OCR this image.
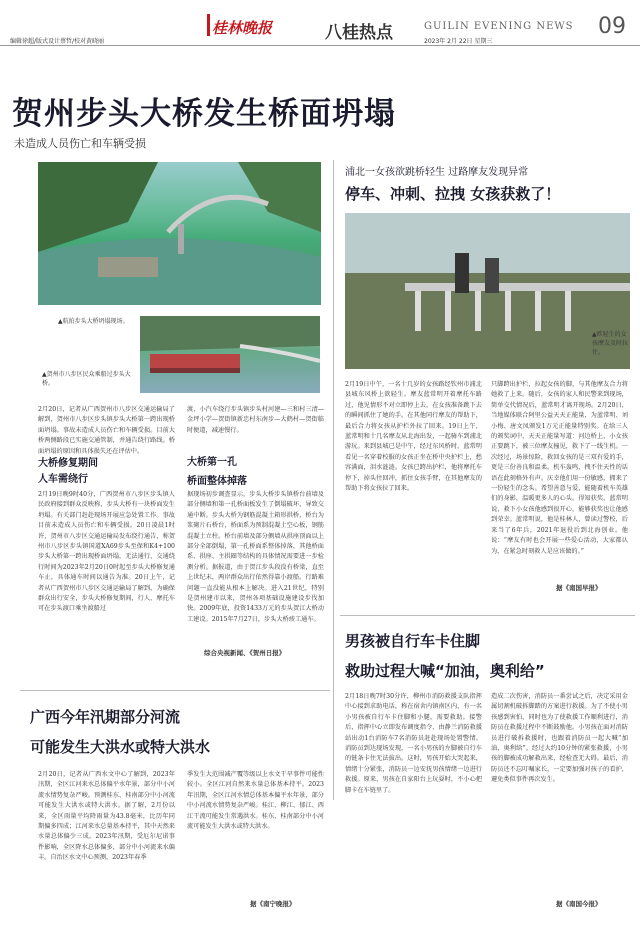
编辑徐超/版式设计蔡哲/校对黄晓丽
桂林晚报	八桂热点	GUILIN EVENING NEWS
2023年 2月 22日 星期三
09
贺州步头大桥发生桥面坍塌
未造成人员伤亡和车辆受损
▲航拍步头大桥坍塌现场。
▲贺州市八步区民众乘船过步头大桥。
2月20日，记者从广西贺州市八步区交通运输局了解到，贺州市八步区步头镇步头大桥第一跨出现桥面坍塌。事故未造成人员伤亡和车辆受损。目前大桥两侧路段已实施交通管制，并通告绕行路线。桥面坍塌的原因和具体损失还在评估中。
大桥修复期间
人车需绕行
2月19日晚9时40分，广西贺州市八步区步头镇人民政府接到群众反映称，步头大桥有一块桥面发生坍塌。有关部门赶赴现场开展应急处置工作。事故目前未造成人员伤亡和车辆受损。20日凌晨1时许，贺州市八步区交通运输局发布绕行通告，称贺州市八步区步头镇国道XA69步头至保和K4+100步头大桥第一跨出现桥面坍塌，无法通行，交通绕行时间为2023年2月20日0时起至步头大桥修复通车止，具体通车时间以通告为准。20日上午，记者从广西贺州市八步区交通运输局了解到，为确保群众出行安全，步头大桥修复期间，行人、摩托车可在步头渡口乘坐渡船过
渡，小汽车绕行步头镇步头村河建—三和村三清—金坪小学—贺街镇新忠村东南步—大鹤村—贺街临时便道，减速慢行。
大桥第一孔
桥面整体掉落
据现场初步调查显示，步头大桥步头镇桥台前墙及部分侧墙和第一孔桥面板发生了倒塌破坏，导致交通中断。步头大桥为钢筋混凝土箱形拱桥，桥台为浆砌片石桥台，桥面系为预制混凝土空心板，钢筋混凝土立柱。桥台前墙及部分侧墙从拱座顶面以上部分全部倒塌，第一孔桥面系整体掉落，其他桥面系、拱座、主拱圈等结构的具体情况需要进一步检测分析。据报道，由于贺江步头段没有桥梁，直至上世纪末，两岸群众出行依然得靠小渡船。行路难问题一直没能从根本上解决。进入21世纪，特别是贺州建市以来，贺州各项基础设施建设步伐加快。2009年底，投资1433万元的步头贺江大桥动工建设。2015年7月27日，步头大桥竣工通车。
综合央视新闻、《贺州日报》
浦北一女孩欲跳桥轻生 过路摩友发现异常
停车、冲刺、拉拽 女孩获救了！
▲欧轻生的女孩摩友及时拉住。
2月19日中午，一名十几岁的女孩路经钦州市浦北县城东风桥上欲轻生。摩友蓝常明开着摩托车路过，他见情形不对立即停上去，在女孩准备跳下去的瞬间抓住了她的手。在其他同行摩友的帮助下，最后合力将女孩从护栏外拉了回来。19日上午，蓝常明和十几名摩友从北海出发，一起骑车到浦北游玩。来到县城已是中午，经过东风桥时，蓝常明看见一名穿着校服的女孩正坐在桥中央护栏上，愁容满面，泪水涟涟。女孩已跨出护栏，他将摩托车停下，掉头往回冲，抓住女孩手臂，在其他摩友的帮助下将女孩拉了回来。
只脚跨出护栏，拉起女孩的脚，与其他摩友合力将她救了上来。随后，女孩的家人和民警来到现场，简单交代情况后，蓝常明才离开现场。2月20日，当地媒体联合阿里公益天天正能量，为蓝常明、刘小梅、唐文凤颁发1万元正能量特别奖。在给三人的颁奖词中，天天正能量写道：河边桥上，小女孩正要跳下，被三位摩友撞见，救下了一线生机。一次经过，场景惊险，救回女孩的是三双有爱的手，更是三份善良和温柔。机车轰鸣，拽不住天性的话语在此刻格外有声。庆幸他们用一份敏感，拥来了一份轻生的念头。希望善意与爱，能随着机车英雄们的身影，温暖更多人的心头。得知获奖，蓝常明说，救下小女孩他感到很开心，能够获奖也让他感到荣幸。蓝常明说，他是桂林人，曾读过警校，后来当了6年兵，2021年退役后到北海创业。他说：“摩友有时也会开展一些爱心活动，大家都认为，在紧急时刻救人是应该做的。”
据《南国早报》
男孩被自行车卡住脚
救助过程大喊“加油，奥利给”
2月18日晚7时30分许，柳州市消防救援支队指挥中心接到求助电话，称在宿舍内镇南区内，有一名小男孩被自行车卡住脚和小腿，需要救助。接警后，指挥中心立即发布调度指令，由静兰消防救援站出动1台消防车7名消防员赶赴现场处置警情。消防员到达现场发现，一名小男孩的左脚被自行车的链条卡住无法拔出。这时，男孩开始大哭起来，情绪十分紧张，消防员一边安抚男孩情绪一边进行救援。原来，男孩在自家阳台上玩耍时，不小心把脚卡在车链里了。
造成二次伤害，消防员一番尝试之后，决定采用金属切割机破拆脚踏的方案进行救援。为了不使小男孩感到害怕，同时也为了使救援工作顺利进行，消防员在救援过程中不断鼓励他。小男孩在面对消防员进行破拆救援时，也跟着消防员一起大喊“加油，奥利给”。经过大约10分钟的紧张救援，小男孩的脚被成功解救出来，经检查无大碍。最后，消防员还不忘叮嘱家长，一定要加强对孩子的看护，避免类似事件再次发生。
据《南国今报》
广西今年汛期部分河流
可能发生大洪水或特大洪水
2月20日，记者从广西水文中心了解到，2023年汛期，全区江河来水总体偏平水年景，部分中小河流水情势复杂严峻。预测桂东、桂南部分中小河流可能发生大洪水或特大洪水。据了解，2月份以来，全区雨量平均降雨量为43.8毫米，比历年同期偏多四成；江河来水总量基本持平，其中天然来水量总体偏少三成。2023年汛期，受厄尔尼诺事件影响，全区降水总体偏多，部分中小河流来水偏丰。自治区水文中心预测，2023年春季
季发生大范围减产覆等级以上水文干旱事件可能性较小。全区江河自然来水量总体基本持平。2023年汛期，全区江河水情总体基本偏平水年景，部分中小河流水情势复杂严峻。桂江、柳江、郁江、西江干流可能发生常遇洪水。桂东、桂南部分中小河流可能发生大洪水或特大洪水。
据《南宁晚报》
